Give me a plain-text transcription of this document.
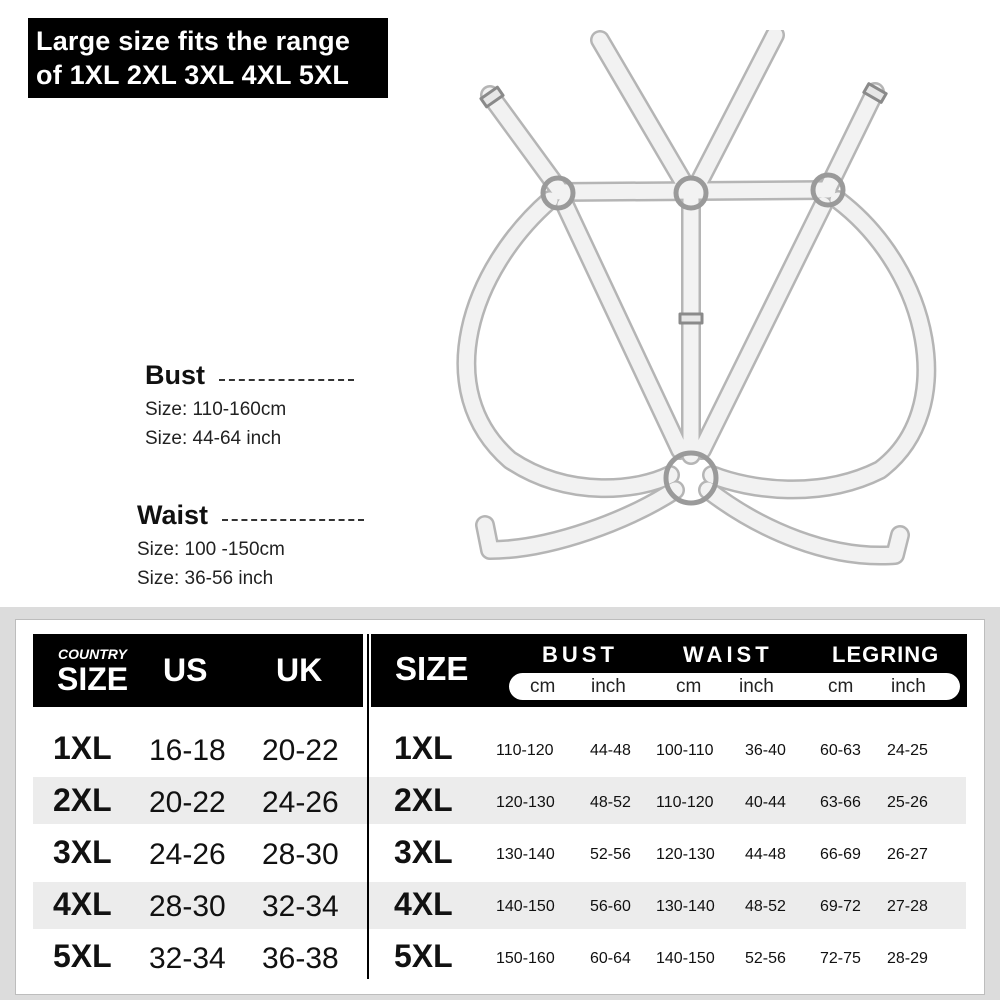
Large size fits the range
of 1XL 2XL 3XL 4XL 5XL
Bust
Size: 110-160cm
Size: 44-64 inch
Waist
Size: 100 -150cm
Size: 36-56 inch
COUNTRY
SIZE US UK SIZE	BUST	WAIST	LEGRING
cm inch	cm inch	cm inch
1XL 16-18 20-22 1XL	110-120 44-48 100-110 36-40 60-63 24-25
2XL 20-22 24-26 2XL	120-130 48-52 110-120 40-44 63-66 25-26
3XL 24-26 28-30 3XL	130-140 52-56 120-130 44-48 66-69 26-27
4XL 28-30 32-34 4XL	140-150 56-60 130-140 48-52 69-72 27-28
5XL 32-34 36-38 5XL	150-160 60-64 140-150 52-56 72-75 28-29
